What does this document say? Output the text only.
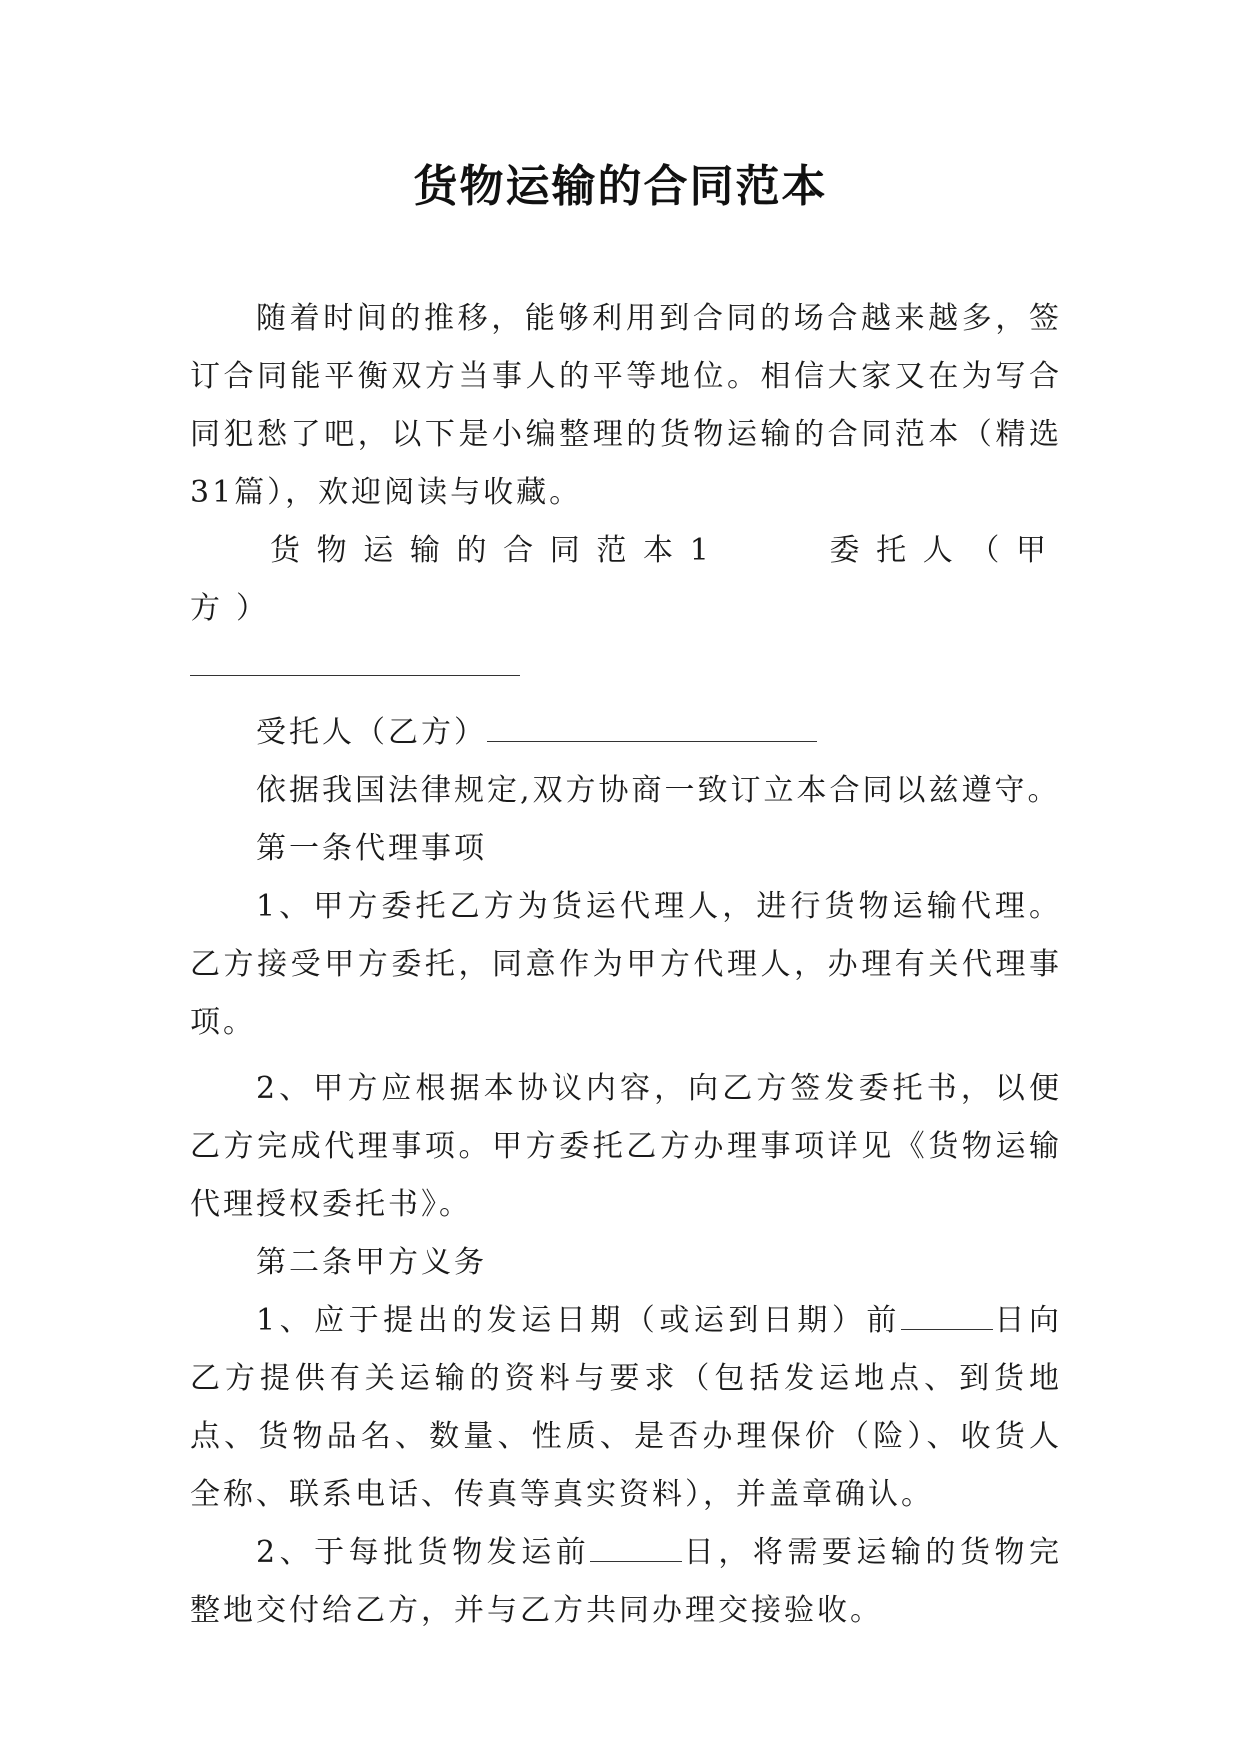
货物运输的合同范本

随着时间的推移，能够利用到合同的场合越来越多，签订合同能平衡双方当事人的平等地位。相信大家又在为写合同犯愁了吧，以下是小编整理的货物运输的合同范本（精选31篇），欢迎阅读与收藏。

货物运输的合同范本1	委托人（甲方）

受托人（乙方）

依据我国法律规定,双方协商一致订立本合同以兹遵守。

第一条代理事项

1、甲方委托乙方为货运代理人，进行货物运输代理。乙方接受甲方委托，同意作为甲方代理人，办理有关代理事项。

2、甲方应根据本协议内容，向乙方签发委托书，以便乙方完成代理事项。甲方委托乙方办理事项详见《货物运输代理授权委托书》。

第二条甲方义务

1、应于提出的发运日期（或运到日期）前	日向乙方提供有关运输的资料与要求（包括发运地点、到货地点、货物品名、数量、性质、是否办理保价（险）、收货人全称、联系电话、传真等真实资料），并盖章确认。

2、于每批货物发运前	日，将需要运输的货物完整地交付给乙方，并与乙方共同办理交接验收。
